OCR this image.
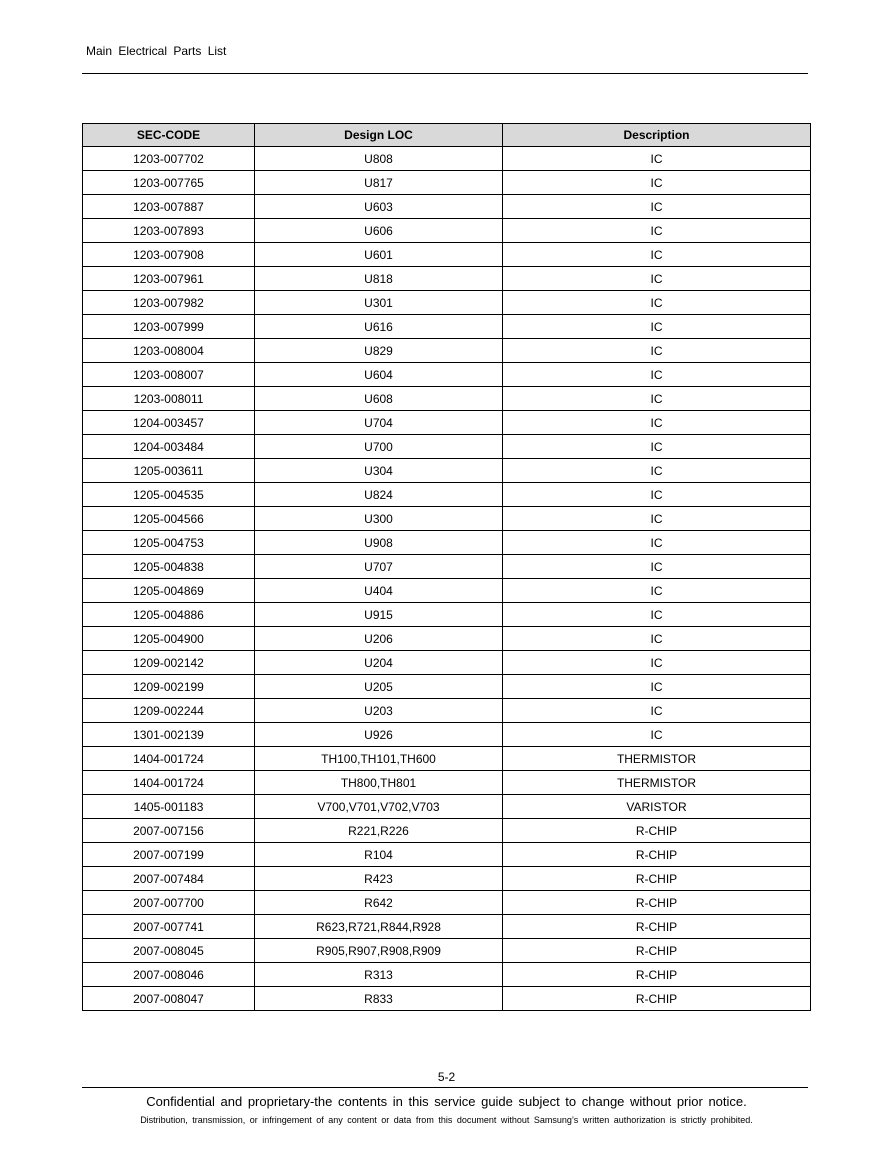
Main Electrical Parts List
SEC-CODE	Design LOC	Description
1203-007702	U808	IC
1203-007765	U817	IC
1203-007887	U603	IC
1203-007893	U606	IC
1203-007908	U601	IC
1203-007961	U818	IC
1203-007982	U301	IC
1203-007999	U616	IC
1203-008004	U829	IC
1203-008007	U604	IC
1203-008011	U608	IC
1204-003457	U704	IC
1204-003484	U700	IC
1205-003611	U304	IC
1205-004535	U824	IC
1205-004566	U300	IC
1205-004753	U908	IC
1205-004838	U707	IC
1205-004869	U404	IC
1205-004886	U915	IC
1205-004900	U206	IC
1209-002142	U204	IC
1209-002199	U205	IC
1209-002244	U203	IC
1301-002139	U926	IC
1404-001724	TH100,TH101,TH600	THERMISTOR
1404-001724	TH800,TH801	THERMISTOR
1405-001183	V700,V701,V702,V703	VARISTOR
2007-007156	R221,R226	R-CHIP
2007-007199	R104	R-CHIP
2007-007484	R423	R-CHIP
2007-007700	R642	R-CHIP
2007-007741	R623,R721,R844,R928	R-CHIP
2007-008045	R905,R907,R908,R909	R-CHIP
2007-008046	R313	R-CHIP
2007-008047	R833	R-CHIP
5-2
Confidential and proprietary-the contents in this service guide subject to change without prior notice.
Distribution, transmission, or infringement of any content or data from this document without Samsung’s written authorization is strictly prohibited.
